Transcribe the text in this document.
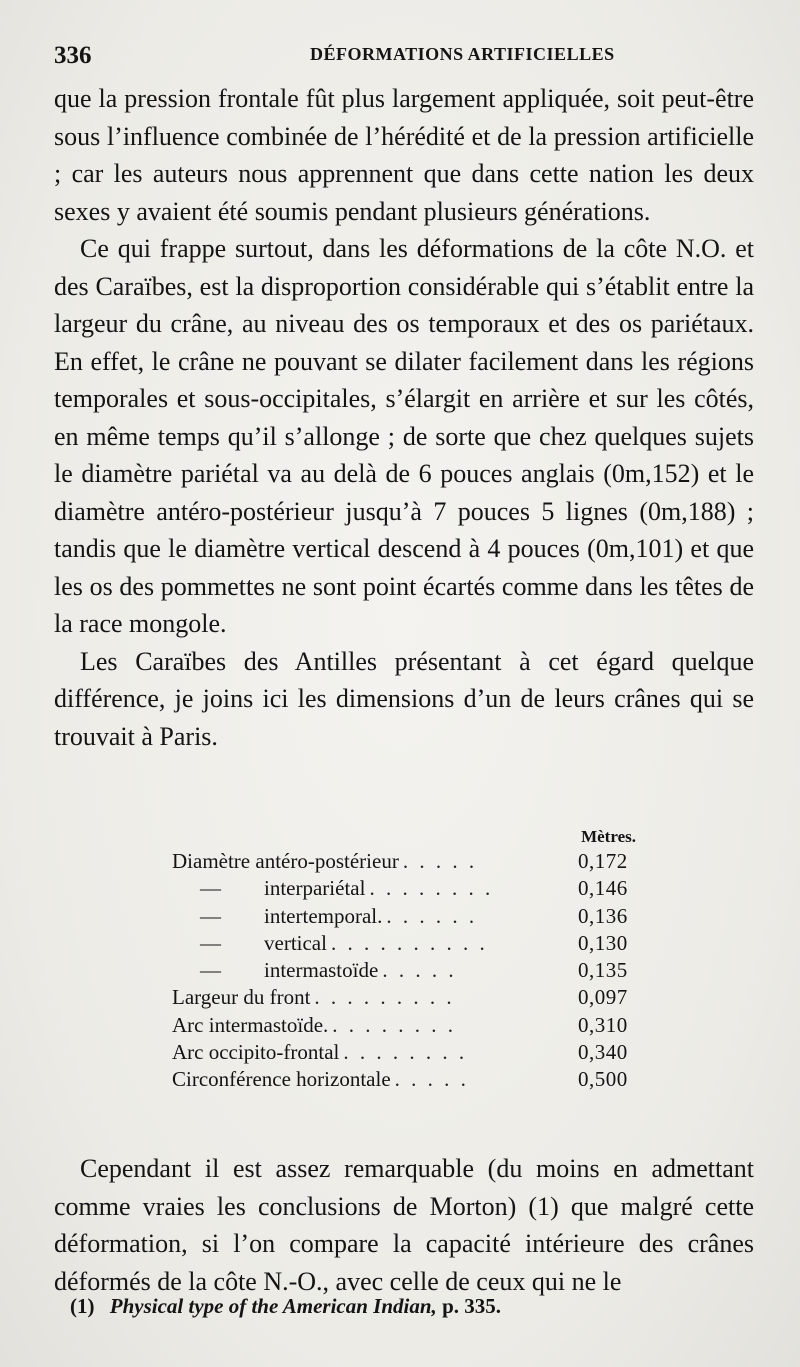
336	DÉFORMATIONS ARTIFICIELLES

que la pression frontale fût plus largement appliquée, soit peut-être sous l’influence combinée de l’hérédité et de la pression artificielle ; car les auteurs nous apprennent que dans cette nation les deux sexes y avaient été soumis pendant plusieurs générations.

Ce qui frappe surtout, dans les déformations de la côte N.O. et des Caraïbes, est la disproportion considérable qui s’établit entre la largeur du crâne, au niveau des os temporaux et des os pariétaux. En effet, le crâne ne pouvant se dilater facilement dans les régions temporales et sous-occipitales, s’élargit en arrière et sur les côtés, en même temps qu’il s’allonge ; de sorte que chez quelques sujets le diamètre pariétal va au delà de 6 pouces anglais (0m,152) et le diamètre antéro-postérieur jusqu’à 7 pouces 5 lignes (0m,188) ; tandis que le diamètre vertical descend à 4 pouces (0m,101) et que les os des pommettes ne sont point écartés comme dans les têtes de la race mongole.

Les Caraïbes des Antilles présentant à cet égard quelque différence, je joins ici les dimensions d’un de leurs crânes qui se trouvait à Paris.

Mètres.
Diamètre antéro-postérieur . . . . .	0,172
— interpariétal . . . . . . . .	0,146
— intertemporal. . . . . . .	0,136
— vertical . . . . . . . . . .	0,130
— intermastoïde . . . . .	0,135
Largeur du front . . . . . . . . .	0,097
Arc intermastoïde. . . . . . . . .	0,310
Arc occipito-frontal . . . . . . . .	0,340
Circonférence horizontale . . . . .	0,500

Cependant il est assez remarquable (du moins en admettant comme vraies les conclusions de Morton) (1) que malgré cette déformation, si l’on compare la capacité intérieure des crânes déformés de la côte N.-O., avec celle de ceux qui ne le

(1) Physical type of the American Indian, p. 335.
